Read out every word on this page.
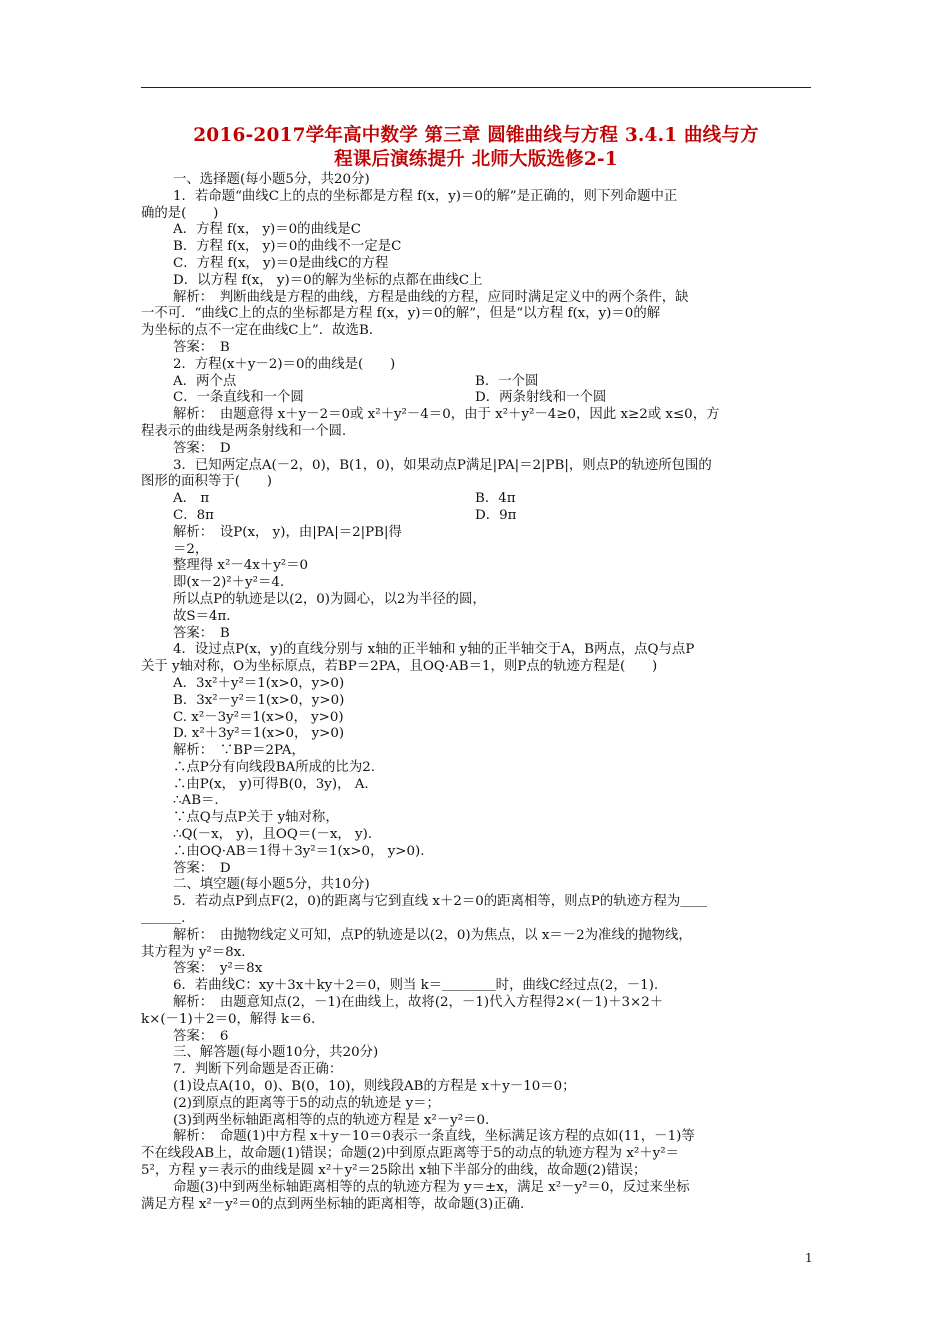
2016-2017学年高中数学 第三章 圆锥曲线与方程 3.4.1 曲线与方
程课后演练提升 北师大版选修2-1
一、选择题(每小题5分，共20分)
1．若命题“曲线C上的点的坐标都是方程 f(x，y)＝0的解”是正确的，则下列命题中正
确的是(　　)
A．方程 f(x， y)＝0的曲线是C
B．方程 f(x， y)＝0的曲线不一定是C
C．方程 f(x， y)＝0是曲线C的方程
D．以方程 f(x， y)＝0的解为坐标的点都在曲线C上
解析：　判断曲线是方程的曲线，方程是曲线的方程，应同时满足定义中的两个条件，缺
一不可．“曲线C上的点的坐标都是方程 f(x，y)＝0的解”，但是“以方程 f(x，y)＝0的解
为坐标的点不一定在曲线C上”．故选B.
答案：　B
2．方程(x＋y－2)＝0的曲线是(　　)
A．两个点	B．一个圆
C．一条直线和一个圆	D．两条射线和一个圆
解析：　由题意得 x＋y－2＝0或 x²＋y²－4＝0，由于 x²＋y²－4≥0，因此 x≥2或 x≤0，方
程表示的曲线是两条射线和一个圆.
答案：　D
3．已知两定点A(－2，0)，B(1，0)，如果动点P满足|PA|＝2|PB|，则点P的轨迹所包围的
图形的面积等于(　　)
A． π	B．4π
C．8π	D．9π
解析：　设P(x， y)，由|PA|＝2|PB|得
＝2，
整理得 x²－4x＋y²＝0
即(x－2)²＋y²＝4.
所以点P的轨迹是以(2，0)为圆心，以2为半径的圆，
故S＝4π.
答案：　B
4．设过点P(x，y)的直线分别与 x轴的正半轴和 y轴的正半轴交于A，B两点，点Q与点P
关于 y轴对称，O为坐标原点，若BP＝2PA，且OQ·AB＝1，则P点的轨迹方程是(　　)
A．3x²＋y²＝1(x>0，y>0)
B．3x²－y²＝1(x>0，y>0)
C. x²－3y²＝1(x>0， y>0)
D. x²＋3y²＝1(x>0， y>0)
解析：　∵BP＝2PA，
∴点P分有向线段BA所成的比为2.
∴由P(x， y)可得B(0，3y)， A.
∴AB＝.
∵点Q与点P关于 y轴对称，
∴Q(－x， y)，且OQ＝(－x， y).
∴由OQ·AB＝1得＋3y²＝1(x>0， y>0).
答案：　D
二、填空题(每小题5分，共10分)
5．若动点P到点F(2，0)的距离与它到直线 x＋2＝0的距离相等，则点P的轨迹方程为＿＿
＿＿＿.
解析：　由抛物线定义可知，点P的轨迹是以(2，0)为焦点，以 x＝－2为准线的抛物线，
其方程为 y²＝8x.
答案：　y²＝8x
6．若曲线C：xy＋3x＋ky＋2＝0，则当 k＝＿＿＿＿时，曲线C经过点(2，－1).
解析：　由题意知点(2，－1)在曲线上，故将(2，－1)代入方程得2×(－1)＋3×2＋
k×(－1)＋2＝0，解得 k＝6.
答案：　6
三、解答题(每小题10分，共20分)
7．判断下列命题是否正确：
(1)设点A(10，0)、B(0，10)，则线段AB的方程是 x＋y－10＝0；
(2)到原点的距离等于5的动点的轨迹是 y＝；
(3)到两坐标轴距离相等的点的轨迹方程是 x²－y²＝0.
解析：　命题(1)中方程 x＋y－10＝0表示一条直线，坐标满足该方程的点如(11，－1)等
不在线段AB上，故命题(1)错误；命题(2)中到原点距离等于5的动点的轨迹方程为 x²＋y²＝
5²，方程 y＝表示的曲线是圆 x²＋y²＝25除出 x轴下半部分的曲线，故命题(2)错误；
命题(3)中到两坐标轴距离相等的点的轨迹方程为 y＝±x，满足 x²－y²＝0，反过来坐标
满足方程 x²－y²＝0的点到两坐标轴的距离相等，故命题(3)正确.
1
